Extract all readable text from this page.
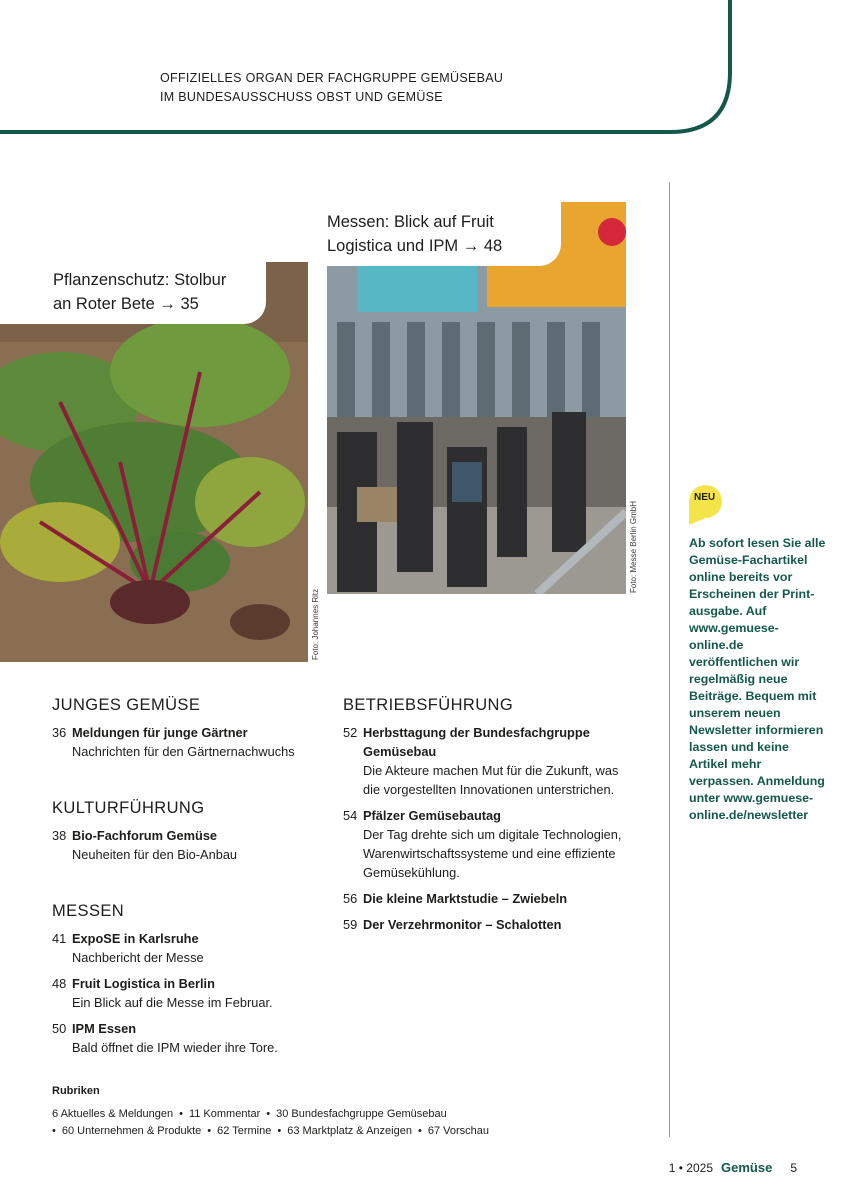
OFFIZIELLES ORGAN DER FACHGRUPPE GEMÜSEBAU
IM BUNDESAUSSCHUSS OBST UND GEMÜSE
Pflanzenschutz: Stolbur
an Roter Bete → 35
Foto: Johannes Ritz
Messen: Blick auf Fruit
Logistica und IPM → 48
Foto: Messe Berlin GmbH
NEU
Ab sofort lesen Sie alle Gemüse-Fachartikel online bereits vor Erscheinen der Print-ausgabe. Auf www.gemuese-online.de veröffentlichen wir regelmäßig neue Beiträge. Bequem mit unserem neuen Newsletter informieren lassen und keine Artikel mehr verpassen. Anmeldung unter www.gemuese-online.de/newsletter
JUNGES GEMÜSE
36 Meldungen für junge Gärtner
Nachrichten für den Gärtnernachwuchs
KULTURFÜHRUNG
38 Bio-Fachforum Gemüse
Neuheiten für den Bio-Anbau
MESSEN
41 ExpoSE in Karlsruhe
Nachbericht der Messe
48 Fruit Logistica in Berlin
Ein Blick auf die Messe im Februar.
50 IPM Essen
Bald öffnet die IPM wieder ihre Tore.
BETRIEBSFÜHRUNG
52 Herbsttagung der Bundesfachgruppe Gemüsebau
Die Akteure machen Mut für die Zukunft, was die vorgestellten Innovationen unterstrichen.
54 Pfälzer Gemüsebautag
Der Tag drehte sich um digitale Technologien, Warenwirtschaftssysteme und eine effiziente Gemüsekühlung.
56 Die kleine Marktstudie – Zwiebeln
59 Der Verzehrmonitor – Schalotten
Rubriken
6 Aktuelles & Meldungen • 11 Kommentar • 30 Bundesfachgruppe Gemüsebau
• 60 Unternehmen & Produkte • 62 Termine • 63 Marktplatz & Anzeigen • 67 Vorschau
1 • 2025 Gemüse 5
